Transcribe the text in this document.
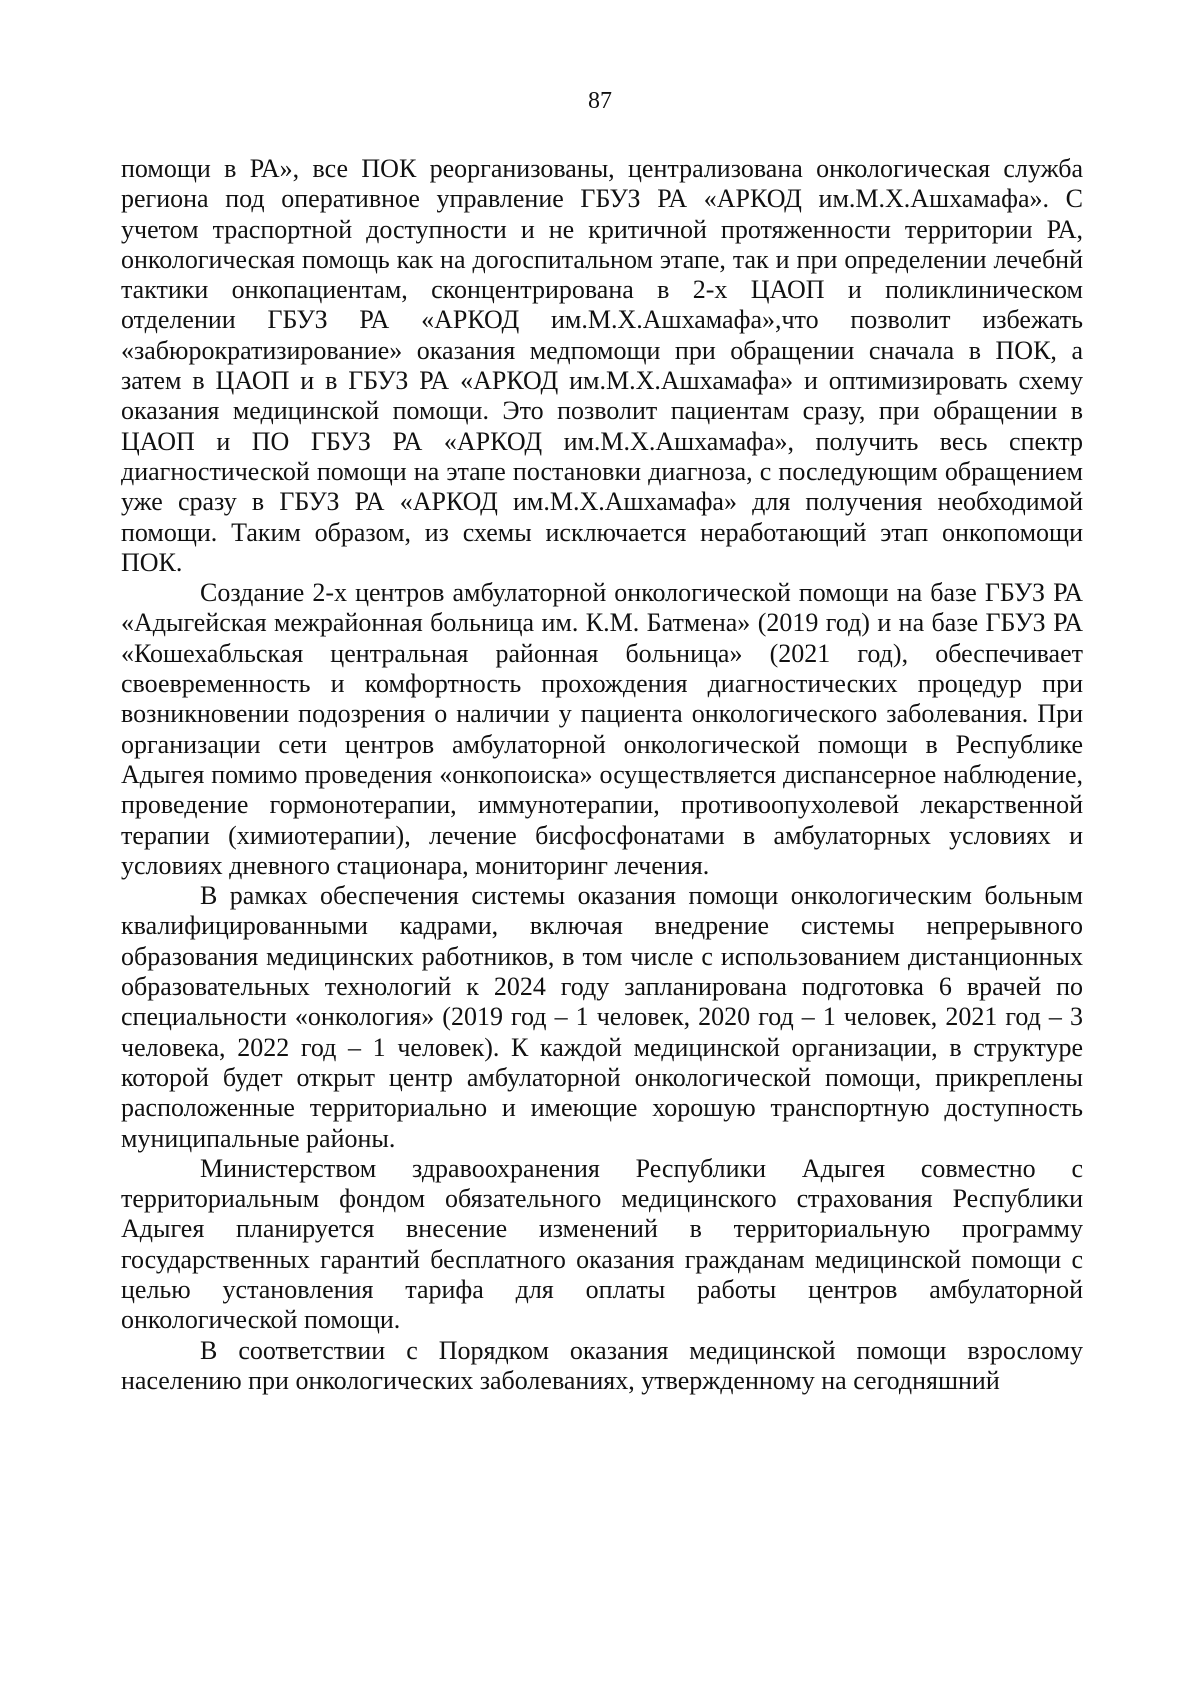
87

помощи в РА», все ПОК реорганизованы, централизована онкологическая служба региона под оперативное управление ГБУЗ РА «АРКОД им.М.Х.Ашхамафа». С учетом траспортной доступности и не критичной протяженности территории РА, онкологическая помощь как на догоспитальном этапе, так и при определении лечебнй тактики онкопациентам, сконцентрирована в 2-х ЦАОП и поликлиническом отделении ГБУЗ РА «АРКОД им.М.Х.Ашхамафа»,что позволит избежать «забюрократизирование» оказания медпомощи при обращении сначала в ПОК, а затем в ЦАОП и в ГБУЗ РА «АРКОД им.М.Х.Ашхамафа» и оптимизировать схему оказания медицинской помощи. Это позволит пациентам сразу, при обращении в ЦАОП и ПО ГБУЗ РА «АРКОД им.М.Х.Ашхамафа», получить весь спектр диагностической помощи на этапе постановки диагноза, с последующим обращением уже сразу в ГБУЗ РА «АРКОД им.М.Х.Ашхамафа» для получения необходимой помощи. Таким образом, из схемы исключается неработающий этап онкопомощи ПОК.

Создание 2-х центров амбулаторной онкологической помощи на базе ГБУЗ РА «Адыгейская межрайонная больница им. К.М. Батмена» (2019 год) и на базе ГБУЗ РА «Кошехабльская центральная районная больница» (2021 год), обеспечивает своевременность и комфортность прохождения диагностических процедур при возникновении подозрения о наличии у пациента онкологического заболевания. При организации сети центров амбулаторной онкологической помощи в Республике Адыгея помимо проведения «онкопоиска» осуществляется диспансерное наблюдение, проведение гормонотерапии, иммунотерапии, противоопухолевой лекарственной терапии (химиотерапии), лечение бисфосфонатами в амбулаторных условиях и условиях дневного стационара, мониторинг лечения.

В рамках обеспечения системы оказания помощи онкологическим больным квалифицированными кадрами, включая внедрение системы непрерывного образования медицинских работников, в том числе с использованием дистанционных образовательных технологий к 2024 году запланирована подготовка 6 врачей по специальности «онкология» (2019 год – 1 человек, 2020 год – 1 человек, 2021 год – 3 человека, 2022 год – 1 человек). К каждой медицинской организации, в структуре которой будет открыт центр амбулаторной онкологической помощи, прикреплены расположенные территориально и имеющие хорошую транспортную доступность муниципальные районы.

Министерством здравоохранения Республики Адыгея совместно с территориальным фондом обязательного медицинского страхования Республики Адыгея планируется внесение изменений в территориальную программу государственных гарантий бесплатного оказания гражданам медицинской помощи с целью установления тарифа для оплаты работы центров амбулаторной онкологической помощи.

В соответствии с Порядком оказания медицинской помощи взрослому населению при онкологических заболеваниях, утвержденному на сегодняшний
